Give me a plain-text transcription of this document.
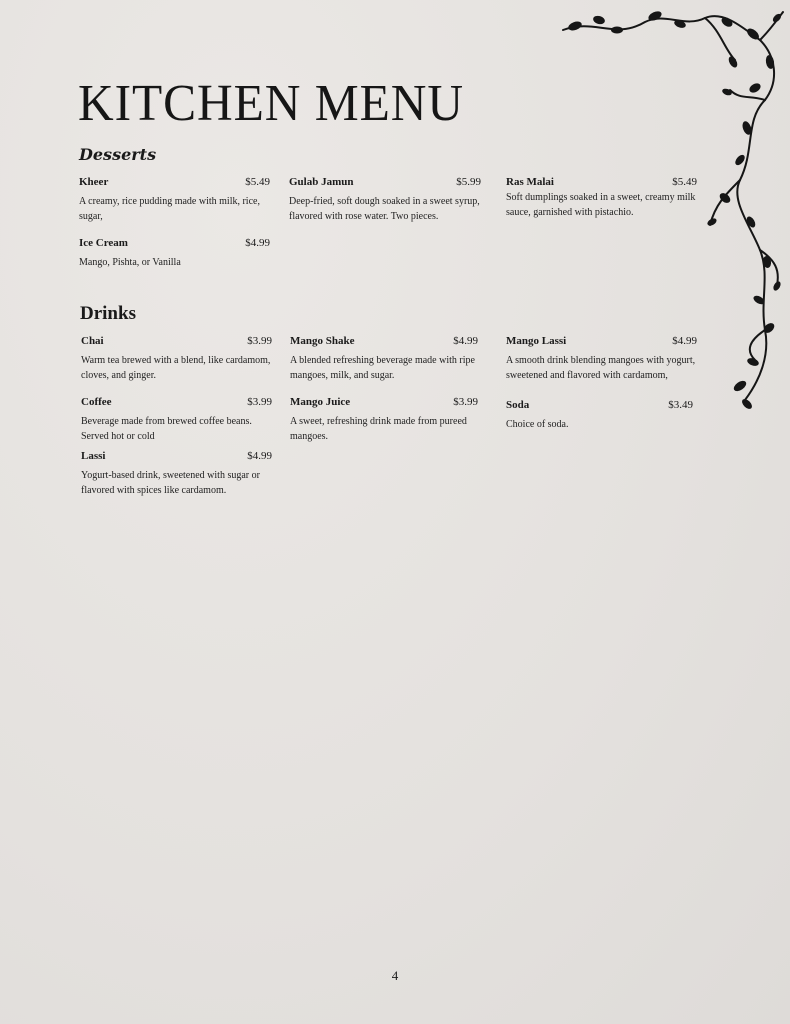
KITCHEN MENU
Desserts
Kheer	$5.49

A creamy, rice pudding made with milk, rice, sugar,

Gulab Jamun	$5.99

Deep-fried, soft dough soaked in a sweet syrup, flavored with rose water. Two pieces.

Ras Malai	$5.49

Soft dumplings soaked in a sweet, creamy milk sauce, garnished with pistachio.

Ice Cream	$4.99

Mango, Pishta, or Vanilla

Drinks
Chai	$3.99

Warm tea brewed with a blend, like cardamom, cloves, and ginger.

Mango Shake	$4.99

A blended refreshing beverage made with ripe mangoes, milk, and sugar.

Mango Lassi	$4.99

A smooth drink blending mangoes with yogurt, sweetened and flavored with cardamom,

Coffee	$3.99

Beverage made from brewed coffee beans. Served hot or cold

Mango Juice	$3.99

A sweet, refreshing drink made from pureed mangoes.

Soda	$3.49

Choice of soda.

Lassi	$4.99

Yogurt-based drink, sweetened with sugar or flavored with spices like cardamom.

4
